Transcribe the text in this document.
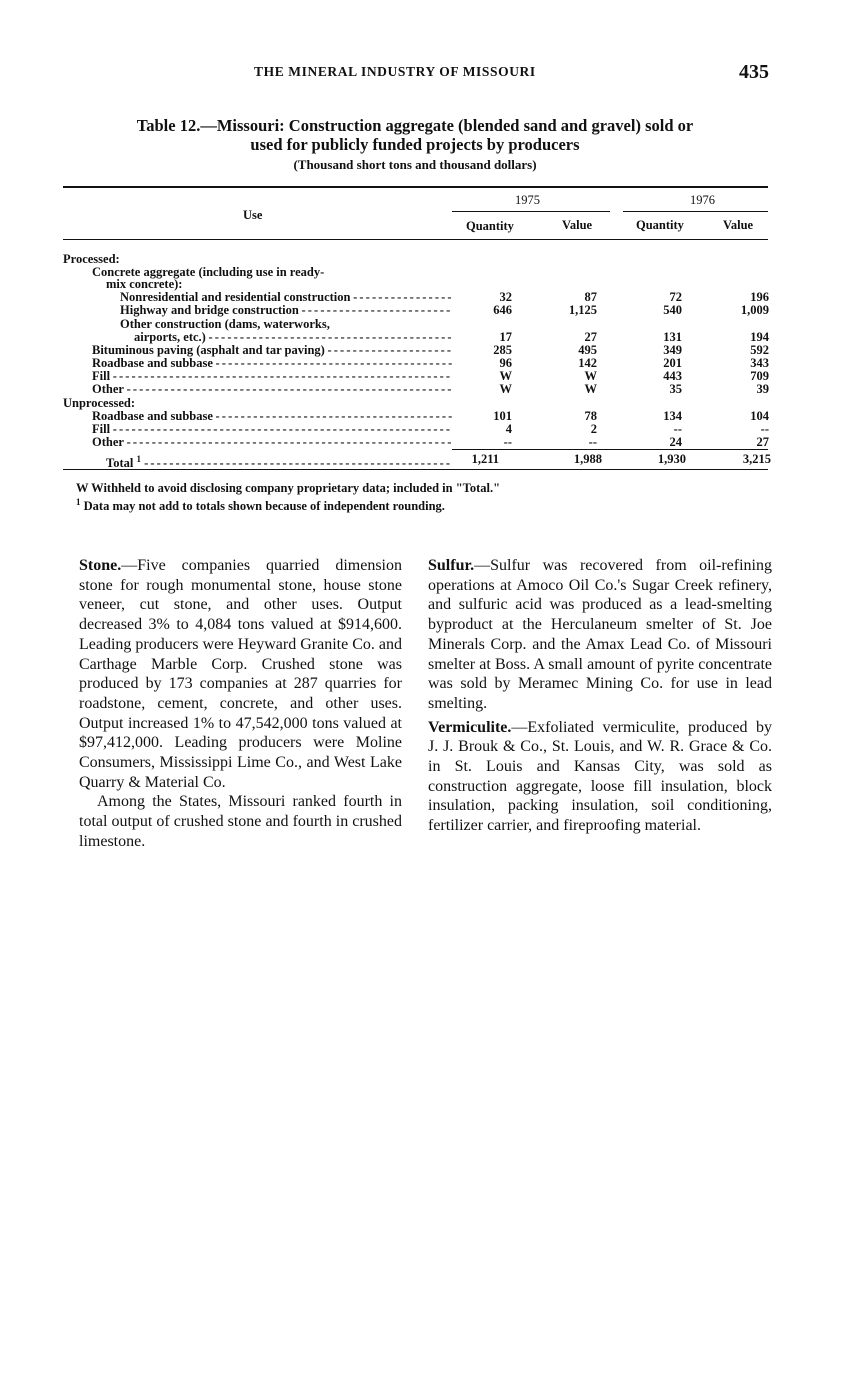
THE MINERAL INDUSTRY OF MISSOURI	435
Table 12.—Missouri: Construction aggregate (blended sand and gravel) sold or
used for publicly funded projects by producers
(Thousand short tons and thousand dollars)
Use
1975	1976
Quantity	Value	Quantity	Value
Processed:
Concrete aggregate (including use in ready-
mix concrete):
Nonresidential and residential construction - - -	32	87	72	196
Highway and bridge construction - - -	646	1,125	540	1,009
Other construction (dams, waterworks,
airports, etc.) - - -	17	27	131	194
Bituminous paving (asphalt and tar paving) - - -	285	495	349	592
Roadbase and subbase - - -	96	142	201	343
Fill - - -	W	W	443	709
Other - - -	W	W	35	39
Unprocessed:
Roadbase and subbase - - -	101	78	134	104
Fill - - -	4	2	--	--
Other - - -	--	--	24	27
Total $^1$ - - -	1,211	1,988	1,930	3,215
W Withheld to avoid disclosing company proprietary data; included in "Total."
$^1$ Data may not add to totals shown because of independent rounding.

Stone.—Five companies quarried dimension stone for rough monumental stone, house stone veneer, cut stone, and other uses. Output decreased 3% to 4,084 tons valued at $914,600. Leading producers were Heyward Granite Co. and Carthage Marble Corp. Crushed stone was produced by 173 companies at 287 quarries for roadstone, cement, concrete, and other uses. Output increased 1% to 47,542,000 tons valued at $97,412,000. Leading producers were Moline Consumers, Mississippi Lime Co., and West Lake Quarry & Material Co.

Among the States, Missouri ranked fourth in total output of crushed stone and fourth in crushed limestone.

Sulfur.—Sulfur was recovered from oil-refining operations at Amoco Oil Co.'s Sugar Creek refinery, and sulfuric acid was produced as a lead-smelting byproduct at the Herculaneum smelter of St. Joe Minerals Corp. and the Amax Lead Co. of Missouri smelter at Boss. A small amount of pyrite concentrate was sold by Meramec Mining Co. for use in lead smelting.

Vermiculite.—Exfoliated vermiculite, produced by J. J. Brouk & Co., St. Louis, and W. R. Grace & Co. in St. Louis and Kansas City, was sold as construction aggregate, loose fill insulation, block insulation, packing insulation, soil conditioning, fertilizer carrier, and fireproofing material.
